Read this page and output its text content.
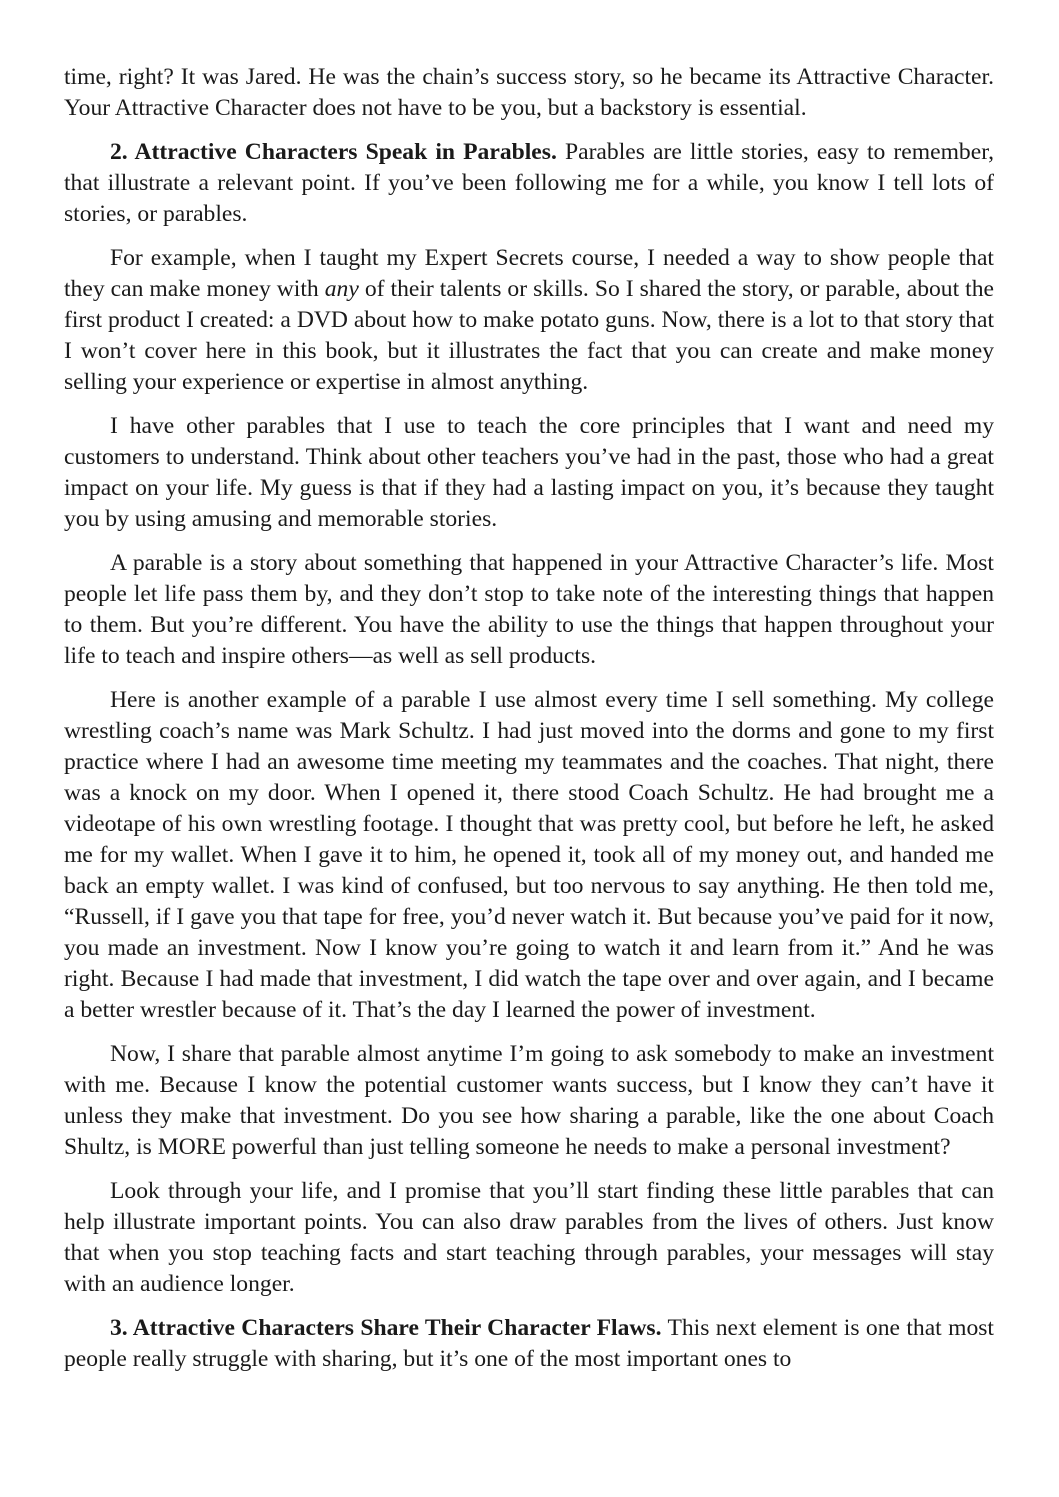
time, right? It was Jared. He was the chain’s success story, so he became its Attractive Character. Your Attractive Character does not have to be you, but a backstory is essential.

2. Attractive Characters Speak in Parables. Parables are little stories, easy to remember, that illustrate a relevant point. If you’ve been following me for a while, you know I tell lots of stories, or parables.

For example, when I taught my Expert Secrets course, I needed a way to show people that they can make money with any of their talents or skills. So I shared the story, or parable, about the first product I created: a DVD about how to make potato guns. Now, there is a lot to that story that I won’t cover here in this book, but it illustrates the fact that you can create and make money selling your experience or expertise in almost anything.

I have other parables that I use to teach the core principles that I want and need my customers to understand. Think about other teachers you’ve had in the past, those who had a great impact on your life. My guess is that if they had a lasting impact on you, it’s because they taught you by using amusing and memorable stories.

A parable is a story about something that happened in your Attractive Character’s life. Most people let life pass them by, and they don’t stop to take note of the interesting things that happen to them. But you’re different. You have the ability to use the things that happen throughout your life to teach and inspire others—as well as sell products.

Here is another example of a parable I use almost every time I sell something. My college wrestling coach’s name was Mark Schultz. I had just moved into the dorms and gone to my first practice where I had an awesome time meeting my teammates and the coaches. That night, there was a knock on my door. When I opened it, there stood Coach Schultz. He had brought me a videotape of his own wrestling footage. I thought that was pretty cool, but before he left, he asked me for my wallet. When I gave it to him, he opened it, took all of my money out, and handed me back an empty wallet. I was kind of confused, but too nervous to say anything. He then told me, “Russell, if I gave you that tape for free, you’d never watch it. But because you’ve paid for it now, you made an investment. Now I know you’re going to watch it and learn from it.” And he was right. Because I had made that investment, I did watch the tape over and over again, and I became a better wrestler because of it. That’s the day I learned the power of investment.

Now, I share that parable almost anytime I’m going to ask somebody to make an investment with me. Because I know the potential customer wants success, but I know they can’t have it unless they make that investment. Do you see how sharing a parable, like the one about Coach Shultz, is MORE powerful than just telling someone he needs to make a personal investment?

Look through your life, and I promise that you’ll start finding these little parables that can help illustrate important points. You can also draw parables from the lives of others. Just know that when you stop teaching facts and start teaching through parables, your messages will stay with an audience longer.

3. Attractive Characters Share Their Character Flaws. This next element is one that most people really struggle with sharing, but it’s one of the most important ones to
